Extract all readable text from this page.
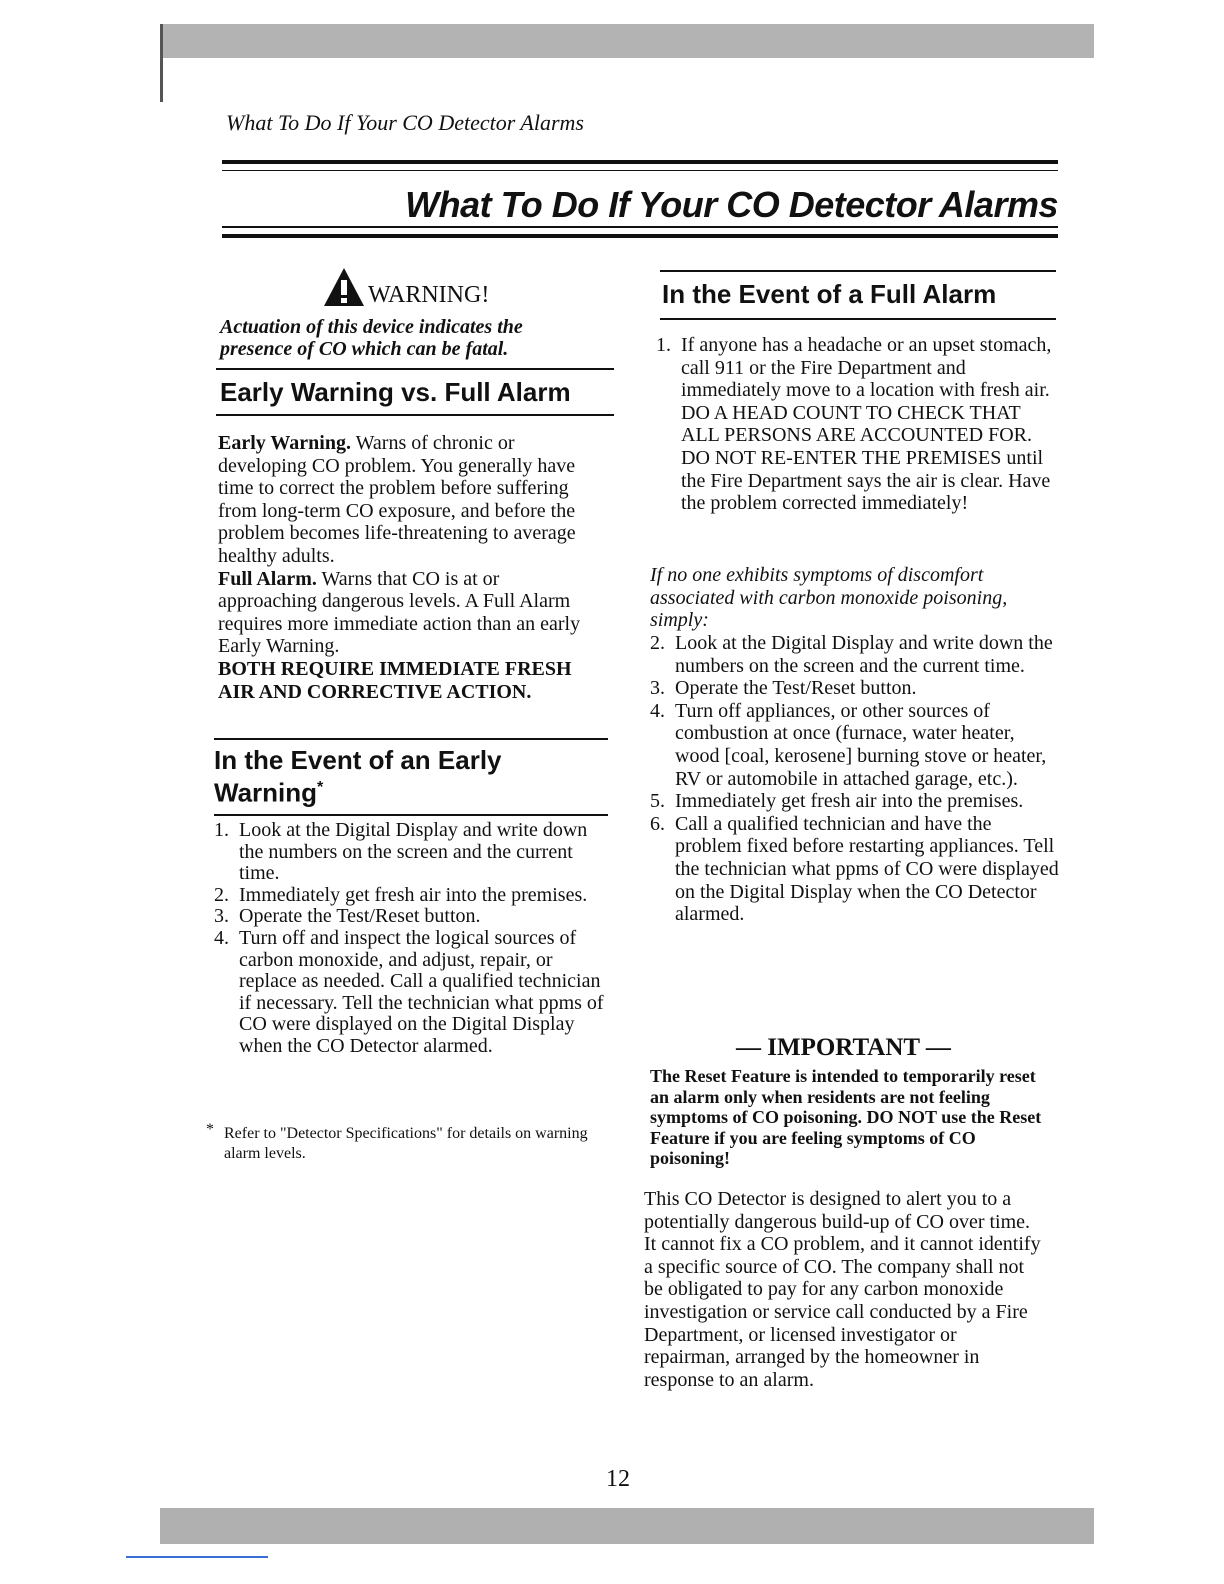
What To Do If Your CO Detector Alarms
What To Do If Your CO Detector Alarms
WARNING!
Actuation of this device indicates the presence of CO which can be fatal.
Early Warning vs. Full Alarm
Early Warning. Warns of chronic or developing CO problem. You generally have time to correct the problem before suffering from long-term CO exposure, and before the problem becomes life-threatening to average healthy adults.
Full Alarm. Warns that CO is at or approaching dangerous levels. A Full Alarm requires more immediate action than an early Early Warning.
BOTH REQUIRE IMMEDIATE FRESH AIR AND CORRECTIVE ACTION.
In the Event of an Early Warning*
1. Look at the Digital Display and write down the numbers on the screen and the current time.
2. Immediately get fresh air into the premises.
3. Operate the Test/Reset button.
4. Turn off and inspect the logical sources of carbon monoxide, and adjust, repair, or replace as needed. Call a qualified technician if necessary. Tell the technician what ppms of CO were displayed on the Digital Display when the CO Detector alarmed.
* Refer to "Detector Specifications" for details on warning alarm levels.
In the Event of a Full Alarm
1. If anyone has a headache or an upset stomach, call 911 or the Fire Department and immediately move to a location with fresh air. DO A HEAD COUNT TO CHECK THAT ALL PERSONS ARE ACCOUNTED FOR. DO NOT RE-ENTER THE PREMISES until the Fire Department says the air is clear. Have the problem corrected immediately!
If no one exhibits symptoms of discomfort associated with carbon monoxide poisoning, simply:
2. Look at the Digital Display and write down the numbers on the screen and the current time.
3. Operate the Test/Reset button.
4. Turn off appliances, or other sources of combustion at once (furnace, water heater, wood [coal, kerosene] burning stove or heater, RV or automobile in attached garage, etc.).
5. Immediately get fresh air into the premises.
6. Call a qualified technician and have the problem fixed before restarting appliances. Tell the technician what ppms of CO were displayed on the Digital Display when the CO Detector alarmed.
— IMPORTANT —
The Reset Feature is intended to temporarily reset an alarm only when residents are not feeling symptoms of CO poisoning. DO NOT use the Reset Feature if you are feeling symptoms of CO poisoning!
This CO Detector is designed to alert you to a potentially dangerous build-up of CO over time. It cannot fix a CO problem, and it cannot identify a specific source of CO. The company shall not be obligated to pay for any carbon monoxide investigation or service call conducted by a Fire Department, or licensed investigator or repairman, arranged by the homeowner in response to an alarm.
12
